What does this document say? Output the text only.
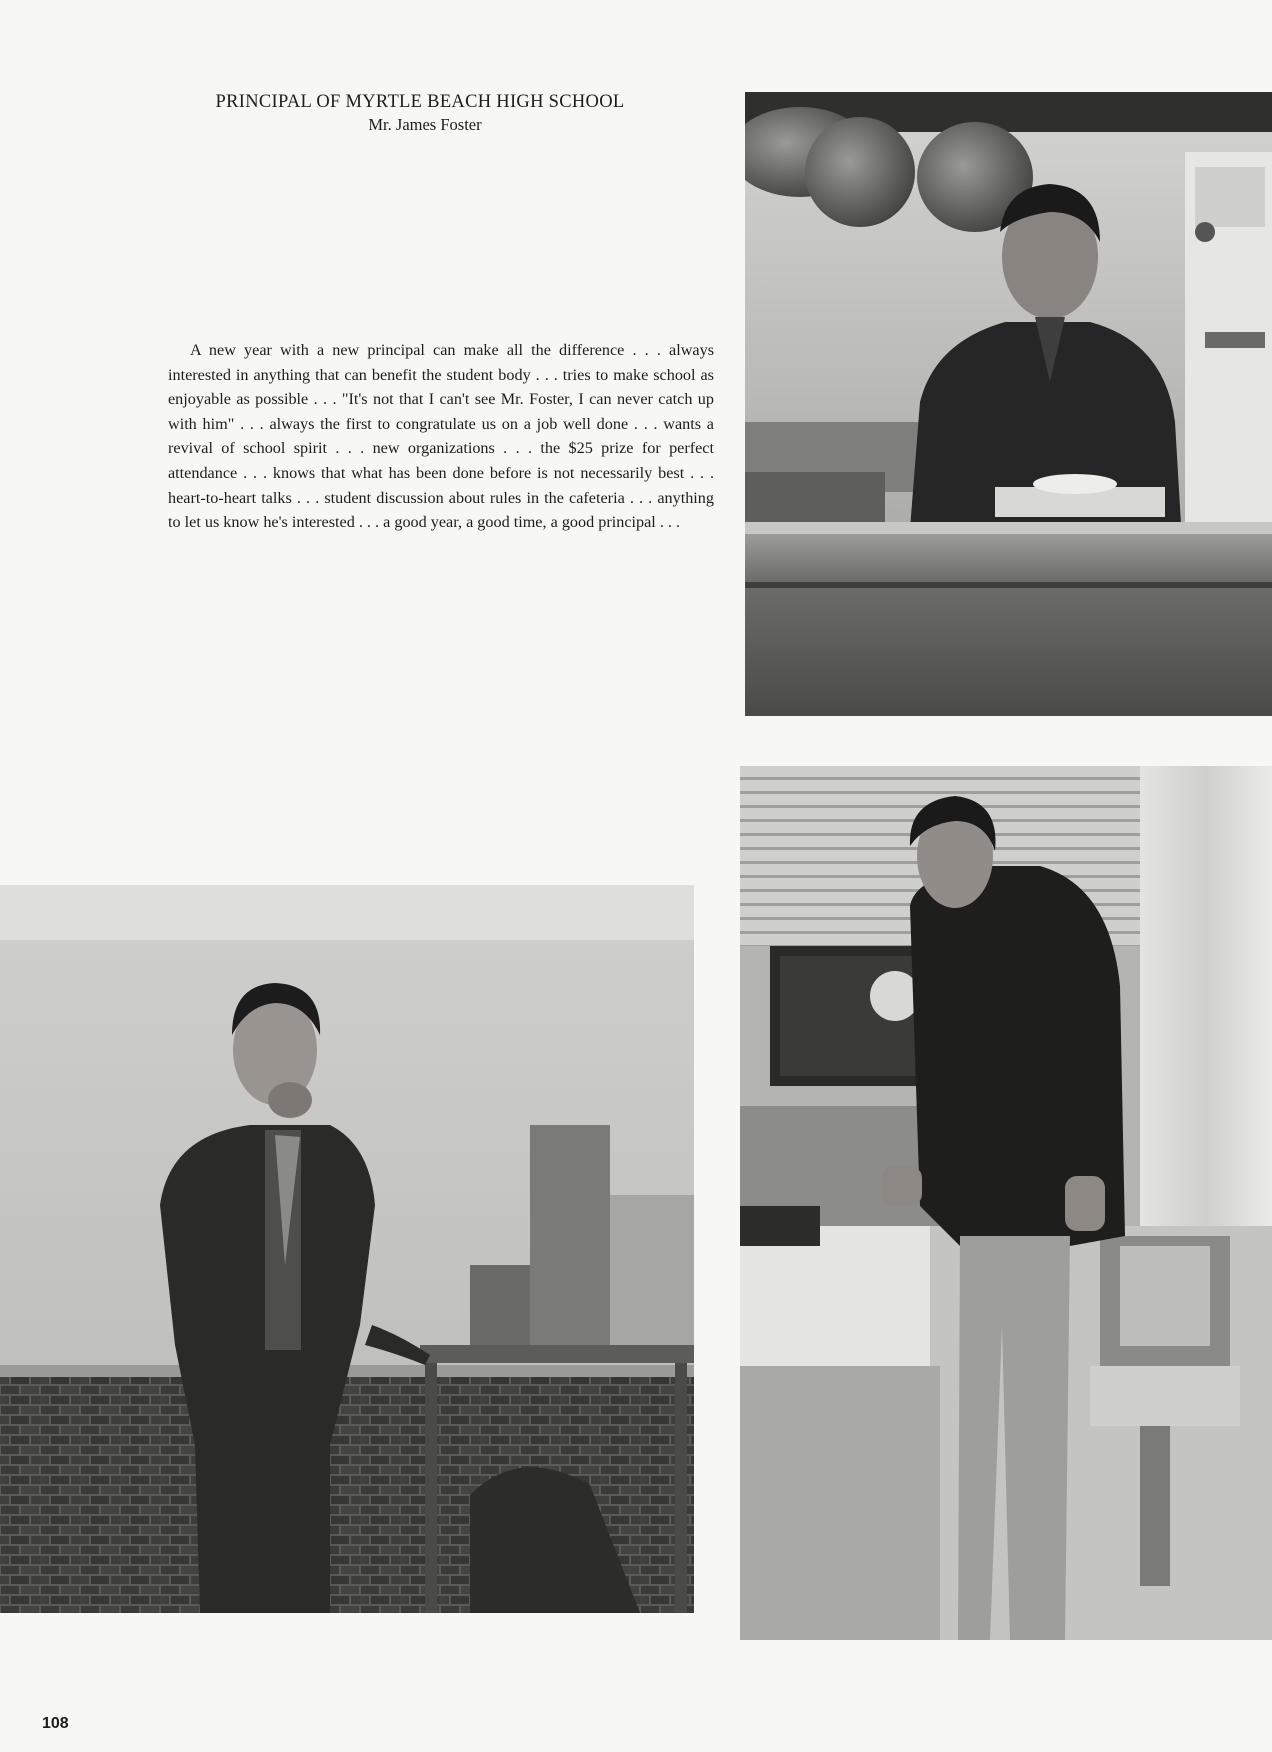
PRINCIPAL OF MYRTLE BEACH HIGH SCHOOL
Mr. James Foster

A new year with a new principal can make all the difference . . . always interested in anything that can benefit the student body . . . tries to make school as enjoyable as possible . . . "It's not that I can't see Mr. Foster, I can never catch up with him" . . . always the first to congratulate us on a job well done . . . wants a revival of school spirit . . . new organizations . . . the $25 prize for perfect attendance . . . knows that what has been done before is not necessarily best . . . heart-to-heart talks . . . student discussion about rules in the cafeteria . . . anything to let us know he's interested . . . a good year, a good time, a good principal . . .

108
